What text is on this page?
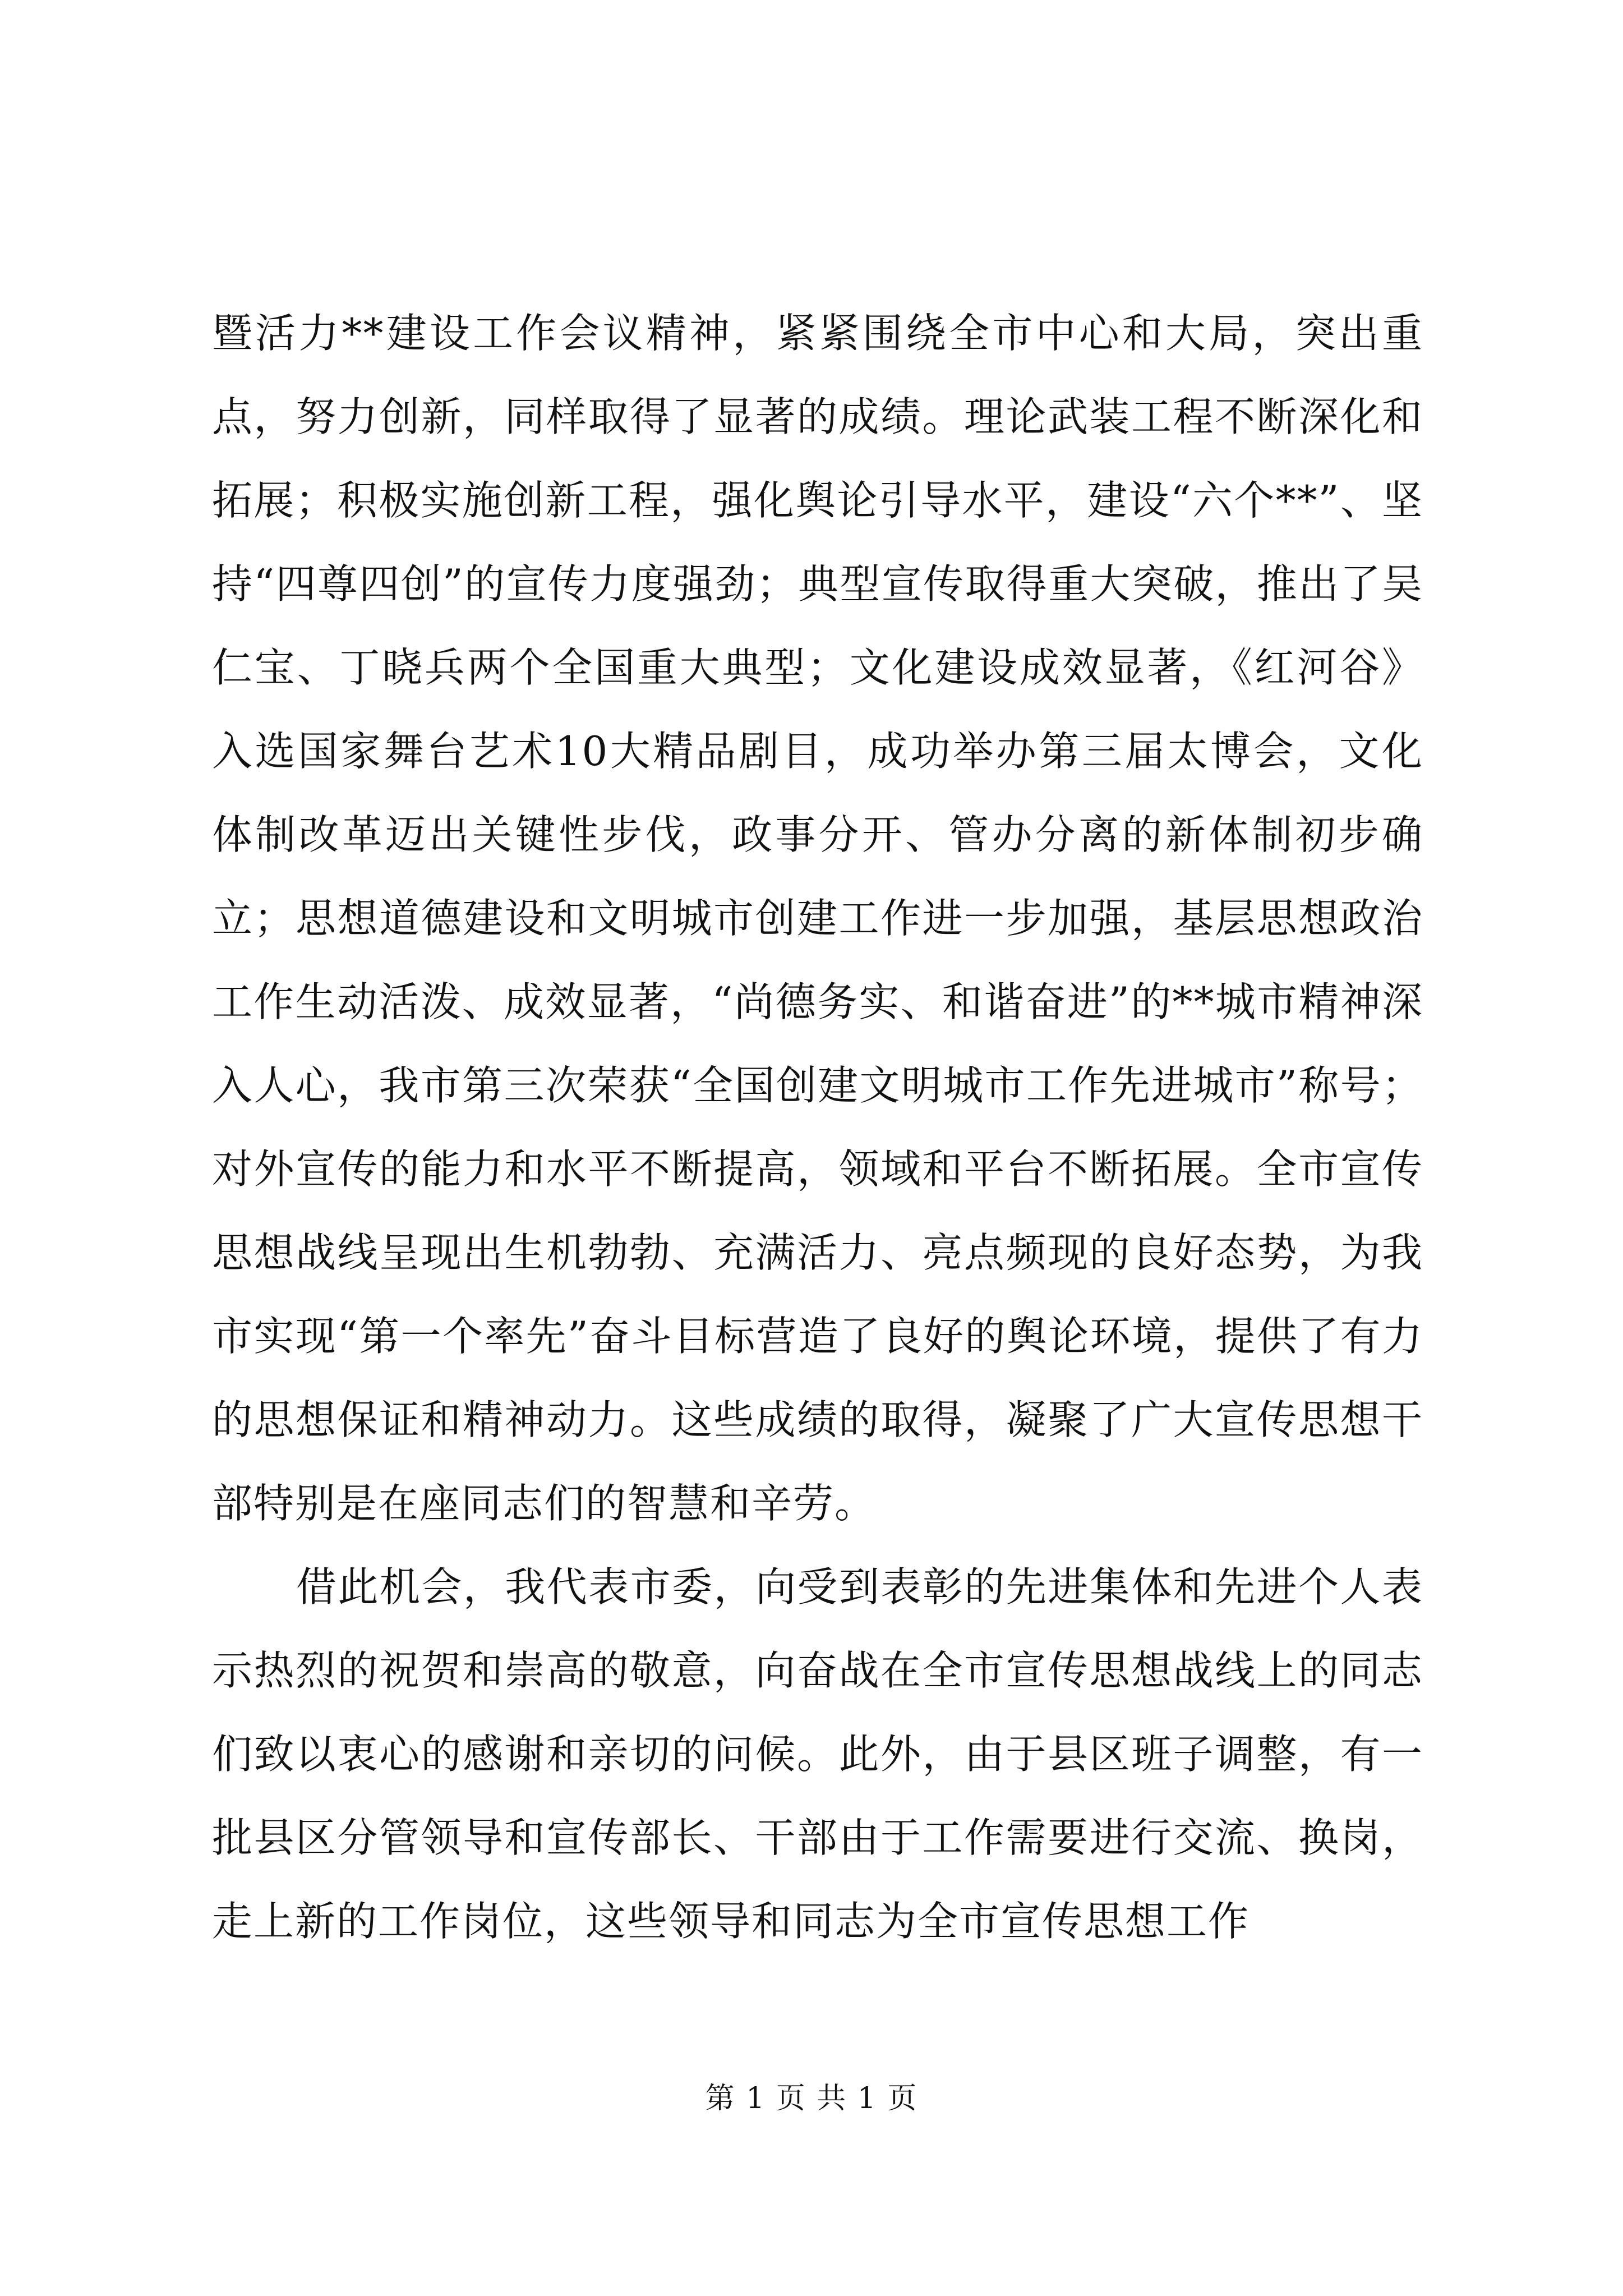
暨活力**建设工作会议精神，紧紧围绕全市中心和大局，突出重点，努力创新，同样取得了显著的成绩。理论武装工程不断深化和拓展；积极实施创新工程，强化舆论引导水平，建设“六个**”、坚持“四尊四创”的宣传力度强劲；典型宣传取得重大突破，推出了吴仁宝、丁晓兵两个全国重大典型；文化建设成效显著，《红河谷》入选国家舞台艺术10大精品剧目，成功举办第三届太博会，文化体制改革迈出关键性步伐，政事分开、管办分离的新体制初步确立；思想道德建设和文明城市创建工作进一步加强，基层思想政治工作生动活泼、成效显著，“尚德务实、和谐奋进”的**城市精神深入人心，我市第三次荣获“全国创建文明城市工作先进城市”称号；对外宣传的能力和水平不断提高，领域和平台不断拓展。全市宣传思想战线呈现出生机勃勃、充满活力、亮点频现的良好态势，为我市实现“第一个率先”奋斗目标营造了良好的舆论环境，提供了有力的思想保证和精神动力。这些成绩的取得，凝聚了广大宣传思想干部特别是在座同志们的智慧和辛劳。

借此机会，我代表市委，向受到表彰的先进集体和先进个人表示热烈的祝贺和崇高的敬意，向奋战在全市宣传思想战线上的同志们致以衷心的感谢和亲切的问候。此外，由于县区班子调整，有一批县区分管领导和宣传部长、干部由于工作需要进行交流、换岗，走上新的工作岗位，这些领导和同志为全市宣传思想工作

第 1 页 共 1 页
